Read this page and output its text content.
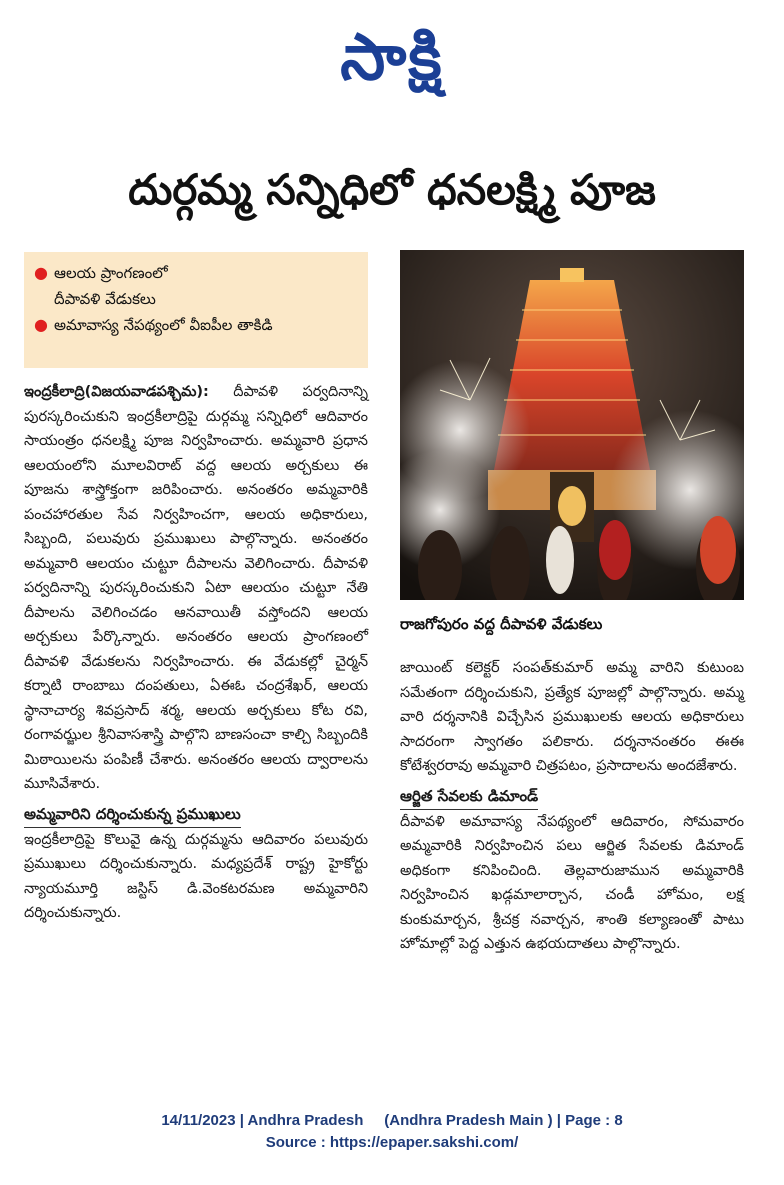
సాక్షి
దుర్గమ్మ సన్నిధిలో ధనలక్ష్మి పూజ
● ఆలయ ప్రాంగణంలో
దీపావళి వేడుకలు
● అమావాస్య నేపథ్యంలో వీఐపీల తాకిడి
రాజగోపురం వద్ద దీపావళి వేడుకలు

ఇంద్రకీలాద్రి(విజయవాడపశ్చిమ): దీపావళి పర్వదినాన్ని పురస్కరించుకుని ఇంద్రకీలాద్రిపై దుర్గమ్మ సన్నిధిలో ఆదివారం సాయంత్రం ధనలక్ష్మి పూజ నిర్వహించారు. అమ్మవారి ప్రధాన ఆలయంలోని మూలవిరాట్ వద్ద ఆలయ అర్చకులు ఈ పూజను శాస్త్రోక్తంగా జరిపించారు. అనంతరం అమ్మవారికి పంచహారతుల సేవ నిర్వహించగా, ఆలయ అధికారులు, సిబ్బంది, పలువురు ప్రముఖులు పాల్గొన్నారు. అనంతరం అమ్మవారి ఆలయం చుట్టూ దీపాలను వెలిగించారు. దీపావళి పర్వదినాన్ని పురస్కరించుకుని ఏటా ఆలయం చుట్టూ నేతి దీపాలను వెలిగించడం ఆనవాయితీ వస్తోందని ఆలయ అర్చకులు పేర్కొన్నారు. అనంతరం ఆలయ ప్రాంగణంలో దీపావళి వేడుకలను నిర్వహించారు. ఈ వేడుకల్లో చైర్మన్ కర్నాటి రాంబాబు దంపతులు, ఏఈఓ చంద్రశేఖర్, ఆలయ స్థానాచార్య శివప్రసాద్ శర్మ, ఆలయ అర్చకులు కోట రవి, రంగావఝ్జల శ్రీనివాసశాస్త్రి పాల్గొని బాణసంచా కాల్చి సిబ్బందికి మిఠాయిలను పంపిణీ చేశారు. అనంతరం ఆలయ ద్వారాలను మూసివేశారు.

అమ్మవారిని దర్శించుకున్న ప్రముఖులు

ఇంద్రకీలాద్రిపై కొలువై ఉన్న దుర్గమ్మను ఆదివారం పలువురు ప్రముఖులు దర్శించుకున్నారు. మధ్యప్రదేశ్ రాష్ట్ర హైకోర్టు న్యాయమూర్తి జస్టిస్ డి.వెంకటరమణ అమ్మవారిని దర్శించుకున్నారు.

జాయింట్ కలెక్టర్ సంపత్‌కుమార్ అమ్మ వారిని కుటుంబ సమేతంగా దర్శించుకుని, ప్రత్యేక పూజల్లో పాల్గొన్నారు. అమ్మ వారి దర్శనానికి విచ్చేసిన ప్రముఖులకు ఆలయ అధికారులు సాదరంగా స్వాగతం పలికారు. దర్శనానంతరం ఈఈ కోటేశ్వరరావు అమ్మవారి చిత్రపటం, ప్రసాదాలను అందజేశారు.

ఆర్జిత సేవలకు డిమాండ్

దీపావళి అమావాస్య నేపథ్యంలో ఆదివారం, సోమవారం అమ్మవారికి నిర్వహించిన పలు ఆర్జిత సేవలకు డిమాండ్ అధికంగా కనిపించింది. తెల్లవారుజామున అమ్మవారికి నిర్వహించిన ఖడ్గమాలార్చాన, చండీ హోమం, లక్ష కుంకుమార్చన, శ్రీచక్ర నవార్చన, శాంతి కల్యాణంతో పాటు హోమాల్లో పెద్ద ఎత్తున ఉభయదాతలు పాల్గొన్నారు.

14/11/2023 | Andhra Pradesh     (Andhra Pradesh Main ) | Page : 8
Source : https://epaper.sakshi.com/
